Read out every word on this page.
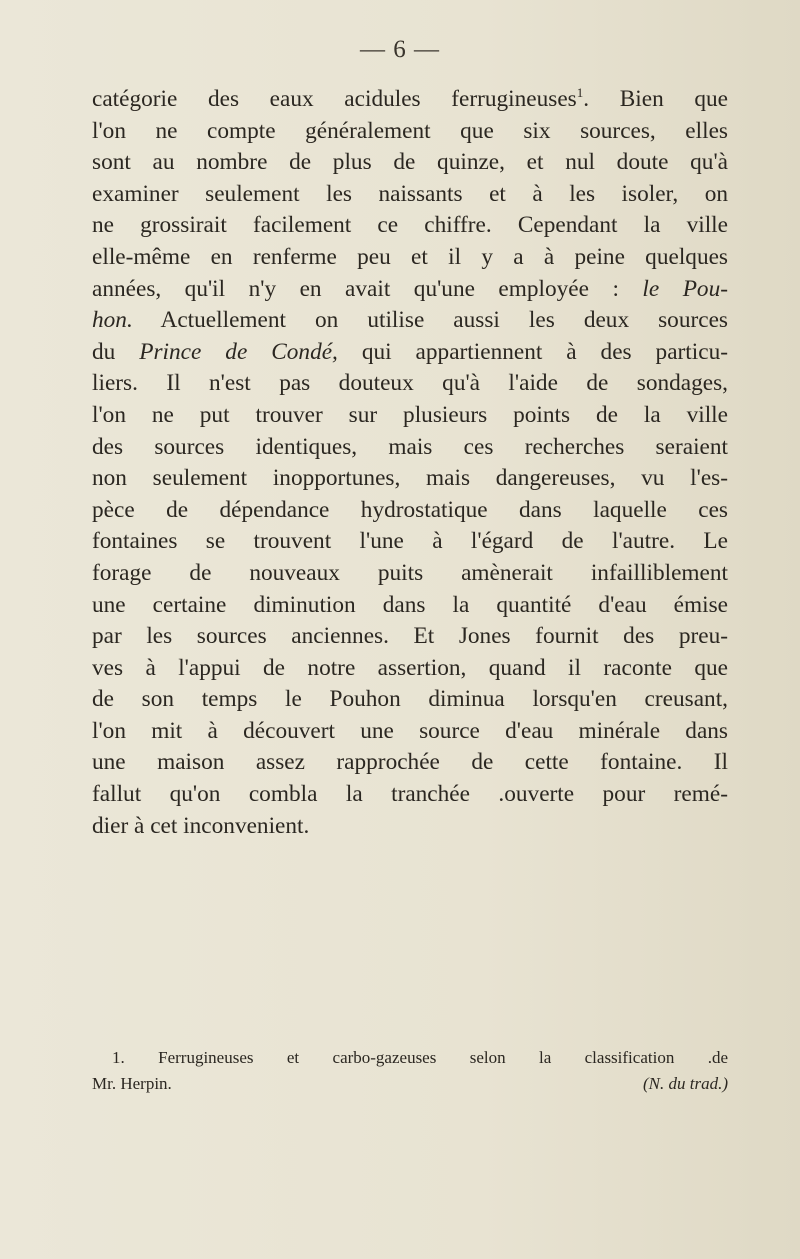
— 6 —
catégorie des eaux acidules ferrugineuses$^1$. Bien que
l'on ne compte généralement que six sources, elles
sont au nombre de plus de quinze, et nul doute qu'à
examiner seulement les naissants et à les isoler, on
ne grossirait facilement ce chiffre. Cependant la ville
elle-même en renferme peu et il y a à peine quelques
années, qu'il n'y en avait qu'une employée : le Pou-
hon. Actuellement on utilise aussi les deux sources
du Prince de Condé, qui appartiennent à des particu-
liers. Il n'est pas douteux qu'à l'aide de sondages,
l'on ne put trouver sur plusieurs points de la ville
des sources identiques, mais ces recherches seraient
non seulement inopportunes, mais dangereuses, vu l'es-
pèce de dépendance hydrostatique dans laquelle ces
fontaines se trouvent l'une à l'égard de l'autre. Le
forage de nouveaux puits amènerait infailliblement
une certaine diminution dans la quantité d'eau émise
par les sources anciennes. Et Jones fournit des preu-
ves à l'appui de notre assertion, quand il raconte que
de son temps le Pouhon diminua lorsqu'en creusant,
l'on mit à découvert une source d'eau minérale dans
une maison assez rapprochée de cette fontaine. Il
fallut qu'on combla la tranchée .ouverte pour remé-
dier à cet inconvenient.
1. Ferrugineuses et carbo-gazeuses selon la classification .de
Mr. Herpin.	(N. du trad.)
